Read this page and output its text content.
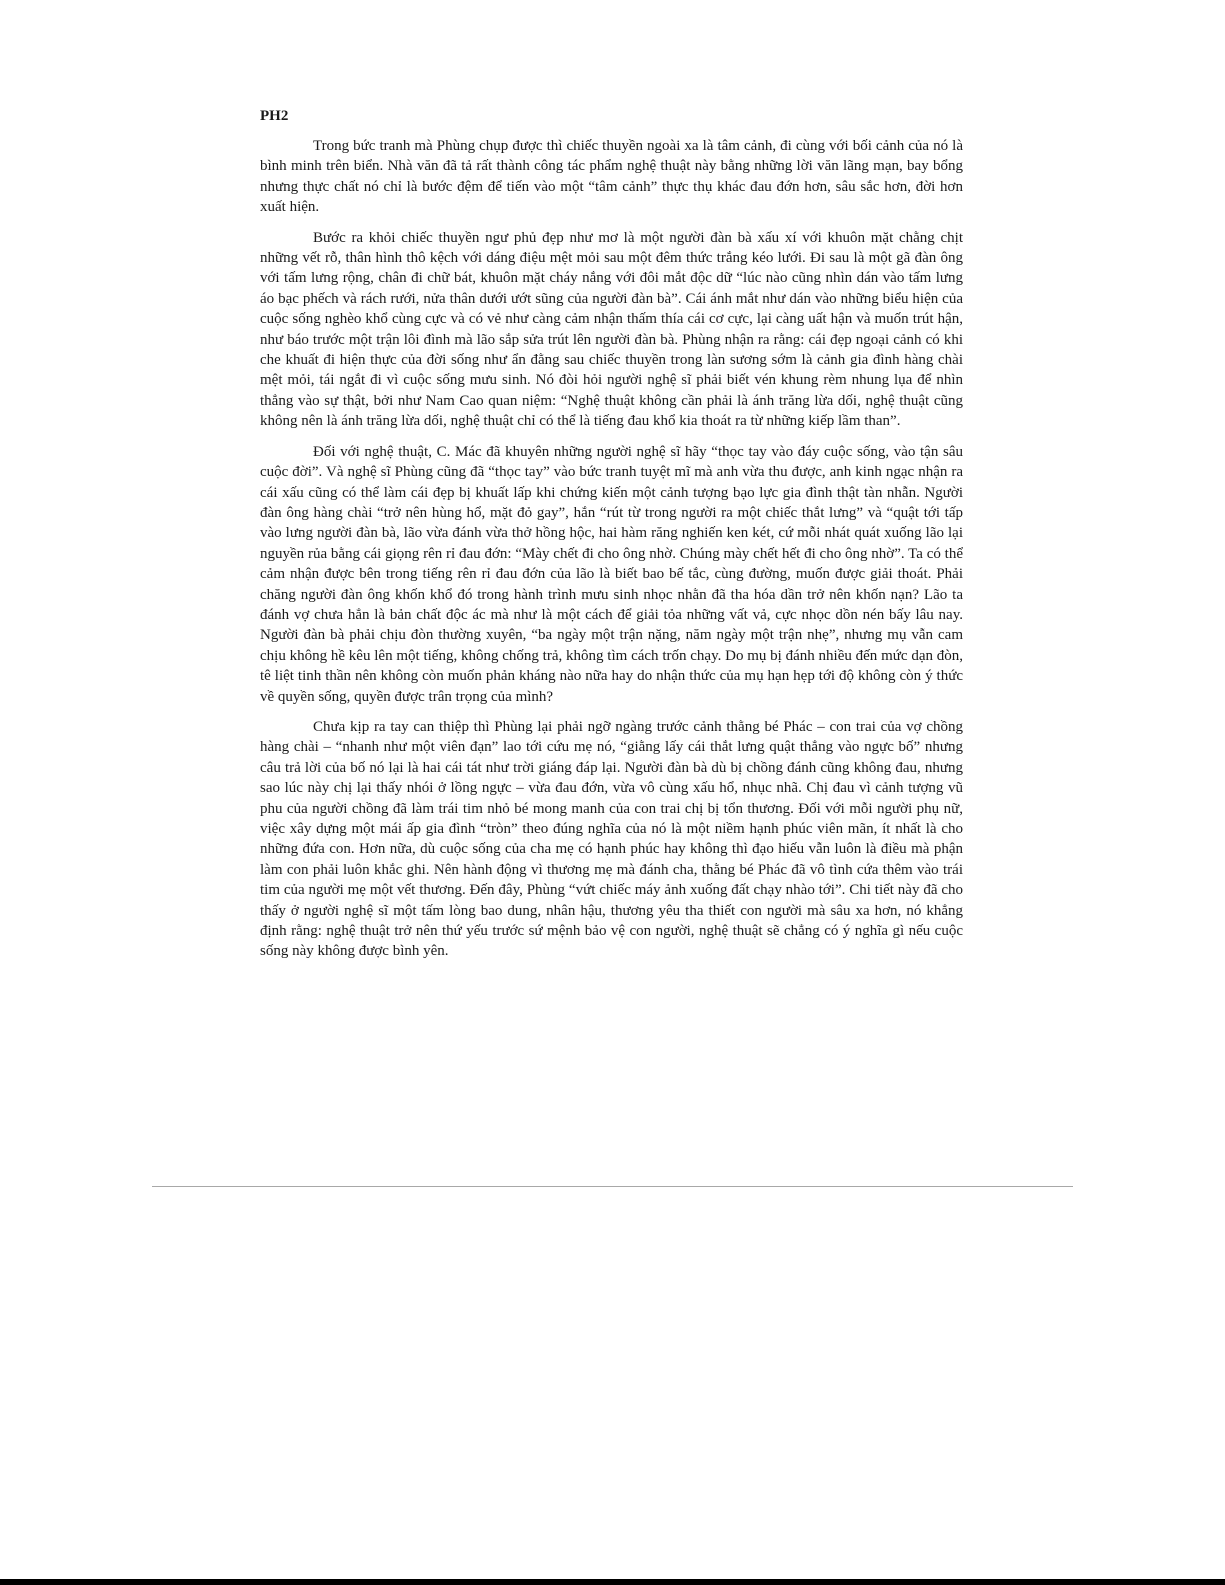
PH2

Trong bức tranh mà Phùng chụp được thì chiếc thuyền ngoài xa là tâm cảnh, đi cùng với bối cảnh của nó là bình minh trên biển. Nhà văn đã tả rất thành công tác phẩm nghệ thuật này bằng những lời văn lãng mạn, bay bổng nhưng thực chất nó chỉ là bước đệm để tiến vào một “tâm cảnh” thực thụ khác đau đớn hơn, sâu sắc hơn, đời hơn xuất hiện.

Bước ra khỏi chiếc thuyền ngư phủ đẹp như mơ là một người đàn bà xấu xí với khuôn mặt chằng chịt những vết rỗ, thân hình thô kệch với dáng điệu mệt mỏi sau một đêm thức trắng kéo lưới. Đi sau là một gã đàn ông với tấm lưng rộng, chân đi chữ bát, khuôn mặt cháy nắng với đôi mắt độc dữ “lúc nào cũng nhìn dán vào tấm lưng áo bạc phếch và rách rưới, nửa thân dưới ướt sũng của người đàn bà”. Cái ánh mắt như dán vào những biểu hiện của cuộc sống nghèo khổ cùng cực và có vẻ như càng cảm nhận thấm thía cái cơ cực, lại càng uất hận và muốn trút hận, như báo trước một trận lôi đình mà lão sắp sửa trút lên người đàn bà. Phùng nhận ra rằng: cái đẹp ngoại cảnh có khi che khuất đi hiện thực của đời sống như ẩn đằng sau chiếc thuyền trong làn sương sớm là cảnh gia đình hàng chài mệt mỏi, tái ngắt đi vì cuộc sống mưu sinh. Nó đòi hỏi người nghệ sĩ phải biết vén khung rèm nhung lụa để nhìn thẳng vào sự thật, bởi như Nam Cao quan niệm: “Nghệ thuật không cần phải là ánh trăng lừa dối, nghệ thuật cũng không nên là ánh trăng lừa dối, nghệ thuật chỉ có thể là tiếng đau khổ kia thoát ra từ những kiếp lầm than”.

Đối với nghệ thuật, C. Mác đã khuyên những người nghệ sĩ hãy “thọc tay vào đáy cuộc sống, vào tận sâu cuộc đời”. Và nghệ sĩ Phùng cũng đã “thọc tay” vào bức tranh tuyệt mĩ mà anh vừa thu được, anh kinh ngạc nhận ra cái xấu cũng có thể làm cái đẹp bị khuất lấp khi chứng kiến một cảnh tượng bạo lực gia đình thật tàn nhẫn. Người đàn ông hàng chài “trở nên hùng hổ, mặt đỏ gay”, hắn “rút từ trong người ra một chiếc thắt lưng” và “quật tới tấp vào lưng người đàn bà, lão vừa đánh vừa thở hồng hộc, hai hàm răng nghiến ken két, cứ mỗi nhát quát xuống lão lại nguyền rủa bằng cái giọng rên rỉ đau đớn: “Mày chết đi cho ông nhờ. Chúng mày chết hết đi cho ông nhờ”. Ta có thể cảm nhận được bên trong tiếng rên rỉ đau đớn của lão là biết bao bế tắc, cùng đường, muốn được giải thoát. Phải chăng người đàn ông khốn khổ đó trong hành trình mưu sinh nhọc nhằn đã tha hóa dần trở nên khốn nạn? Lão ta đánh vợ chưa hẳn là bản chất độc ác mà như là một cách để giải tỏa những vất vả, cực nhọc dồn nén bấy lâu nay. Người đàn bà phải chịu đòn thường xuyên, “ba ngày một trận nặng, năm ngày một trận nhẹ”, nhưng mụ vẫn cam chịu không hề kêu lên một tiếng, không chống trả, không tìm cách trốn chạy. Do mụ bị đánh nhiều đến mức dạn đòn, tê liệt tinh thần nên không còn muốn phản kháng nào nữa hay do nhận thức của mụ hạn hẹp tới độ không còn ý thức về quyền sống, quyền được trân trọng của mình?

Chưa kịp ra tay can thiệp thì Phùng lại phải ngỡ ngàng trước cảnh thằng bé Phác – con trai của vợ chồng hàng chài – “nhanh như một viên đạn” lao tới cứu mẹ nó, “giằng lấy cái thắt lưng quật thẳng vào ngực bố” nhưng câu trả lời của bố nó lại là hai cái tát như trời giáng đáp lại. Người đàn bà dù bị chồng đánh cũng không đau, nhưng sao lúc này chị lại thấy nhói ở lồng ngực – vừa đau đớn, vừa vô cùng xấu hổ, nhục nhã. Chị đau vì cảnh tượng vũ phu của người chồng đã làm trái tim nhỏ bé mong manh của con trai chị bị tổn thương. Đối với mỗi người phụ nữ, việc xây dựng một mái ấp gia đình “tròn” theo đúng nghĩa của nó là một niềm hạnh phúc viên mãn, ít nhất là cho những đứa con. Hơn nữa, dù cuộc sống của cha mẹ có hạnh phúc hay không thì đạo hiếu vẫn luôn là điều mà phận làm con phải luôn khắc ghi. Nên hành động vì thương mẹ mà đánh cha, thằng bé Phác đã vô tình cứa thêm vào trái tim của người mẹ một vết thương. Đến đây, Phùng “vứt chiếc máy ảnh xuống đất chạy nhào tới”. Chi tiết này đã cho thấy ở người nghệ sĩ một tấm lòng bao dung, nhân hậu, thương yêu tha thiết con người mà sâu xa hơn, nó khẳng định rằng: nghệ thuật trở nên thứ yếu trước sứ mệnh bảo vệ con người, nghệ thuật sẽ chẳng có ý nghĩa gì nếu cuộc sống này không được bình yên.
